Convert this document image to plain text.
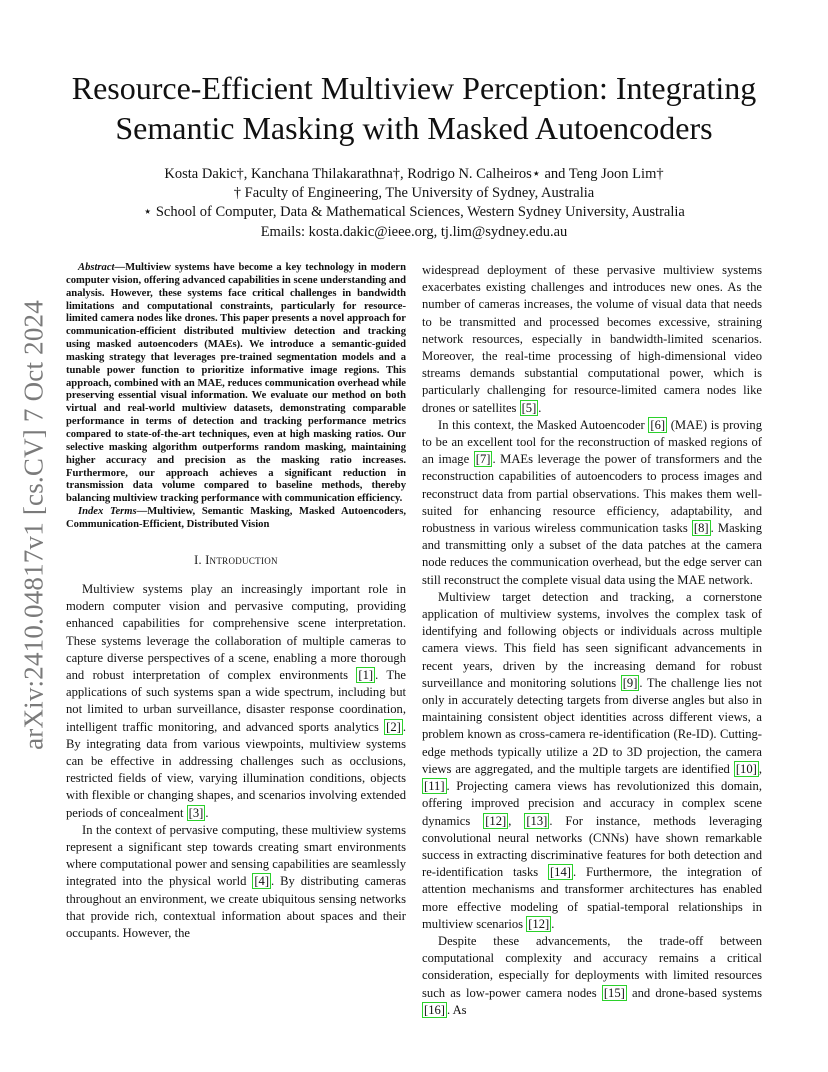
arXiv:2410.04817v1 [cs.CV] 7 Oct 2024
Resource-Efficient Multiview Perception: Integrating
Semantic Masking with Masked Autoencoders
Kosta Dakic†, Kanchana Thilakarathna†, Rodrigo N. Calheiros⋆ and Teng Joon Lim†
† Faculty of Engineering, The University of Sydney, Australia
⋆ School of Computer, Data & Mathematical Sciences, Western Sydney University, Australia
Emails: kosta.dakic@ieee.org, tj.lim@sydney.edu.au

Abstract—Multiview systems have become a key technology in modern computer vision, offering advanced capabilities in scene understanding and analysis. However, these systems face critical challenges in bandwidth limitations and computational constraints, particularly for resource-limited camera nodes like drones. This paper presents a novel approach for communication-efficient distributed multiview detection and tracking using masked autoencoders (MAEs). We introduce a semantic-guided masking strategy that leverages pre-trained segmentation models and a tunable power function to prioritize informative image regions. This approach, combined with an MAE, reduces communication overhead while preserving essential visual information. We evaluate our method on both virtual and real-world multiview datasets, demonstrating comparable performance in terms of detection and tracking performance metrics compared to state-of-the-art techniques, even at high masking ratios. Our selective masking algorithm outperforms random masking, maintaining higher accuracy and precision as the masking ratio increases. Furthermore, our approach achieves a significant reduction in transmission data volume compared to baseline methods, thereby balancing multiview tracking performance with communication efficiency.

Index Terms—Multiview, Semantic Masking, Masked Autoencoders, Communication-Efficient, Distributed Vision

I. Introduction

Multiview systems play an increasingly important role in modern computer vision and pervasive computing, providing enhanced capabilities for comprehensive scene interpretation. These systems leverage the collaboration of multiple cameras to capture diverse perspectives of a scene, enabling a more thorough and robust interpretation of complex environments [1] . The applications of such systems span a wide spectrum, including but not limited to urban surveillance, disaster response coordination, intelligent traffic monitoring, and advanced sports analytics [2] . By integrating data from various viewpoints, multiview systems can be effective in addressing challenges such as occlusions, restricted fields of view, varying illumination conditions, objects with flexible or changing shapes, and scenarios involving extended periods of concealment [3] .

In the context of pervasive computing, these multiview systems represent a significant step towards creating smart environments where computational power and sensing capabilities are seamlessly integrated into the physical world [4] . By distributing cameras throughout an environment, we create ubiquitous sensing networks that provide rich, contextual information about spaces and their occupants. However, the

widespread deployment of these pervasive multiview systems exacerbates existing challenges and introduces new ones. As the number of cameras increases, the volume of visual data that needs to be transmitted and processed becomes excessive, straining network resources, especially in bandwidth-limited scenarios. Moreover, the real-time processing of high-dimensional video streams demands substantial computational power, which is particularly challenging for resource-limited camera nodes like drones or satellites [5] .

In this context, the Masked Autoencoder [6] (MAE) is proving to be an excellent tool for the reconstruction of masked regions of an image [7] . MAEs leverage the power of transformers and the reconstruction capabilities of autoencoders to process images and reconstruct data from partial observations. This makes them well-suited for enhancing resource efficiency, adaptability, and robustness in various wireless communication tasks [8] . Masking and transmitting only a subset of the data patches at the camera node reduces the communication overhead, but the edge server can still reconstruct the complete visual data using the MAE network.

Multiview target detection and tracking, a cornerstone application of multiview systems, involves the complex task of identifying and following objects or individuals across multiple camera views. This field has seen significant advancements in recent years, driven by the increasing demand for robust surveillance and monitoring solutions [9] . The challenge lies not only in accurately detecting targets from diverse angles but also in maintaining consistent object identities across different views, a problem known as cross-camera re-identification (Re-ID). Cutting-edge methods typically utilize a 2D to 3D projection, the camera views are aggregated, and the multiple targets are identified [10] , [11] . Projecting camera views has revolutionized this domain, offering improved precision and accuracy in complex scene dynamics [12] , [13] . For instance, methods leveraging convolutional neural networks (CNNs) have shown remarkable success in extracting discriminative features for both detection and re-identification tasks [14] . Furthermore, the integration of attention mechanisms and transformer architectures has enabled more effective modeling of spatial-temporal relationships in multiview scenarios [12] .

Despite these advancements, the trade-off between computational complexity and accuracy remains a critical consideration, especially for deployments with limited resources such as low-power camera nodes [15] and drone-based systems [16] . As
